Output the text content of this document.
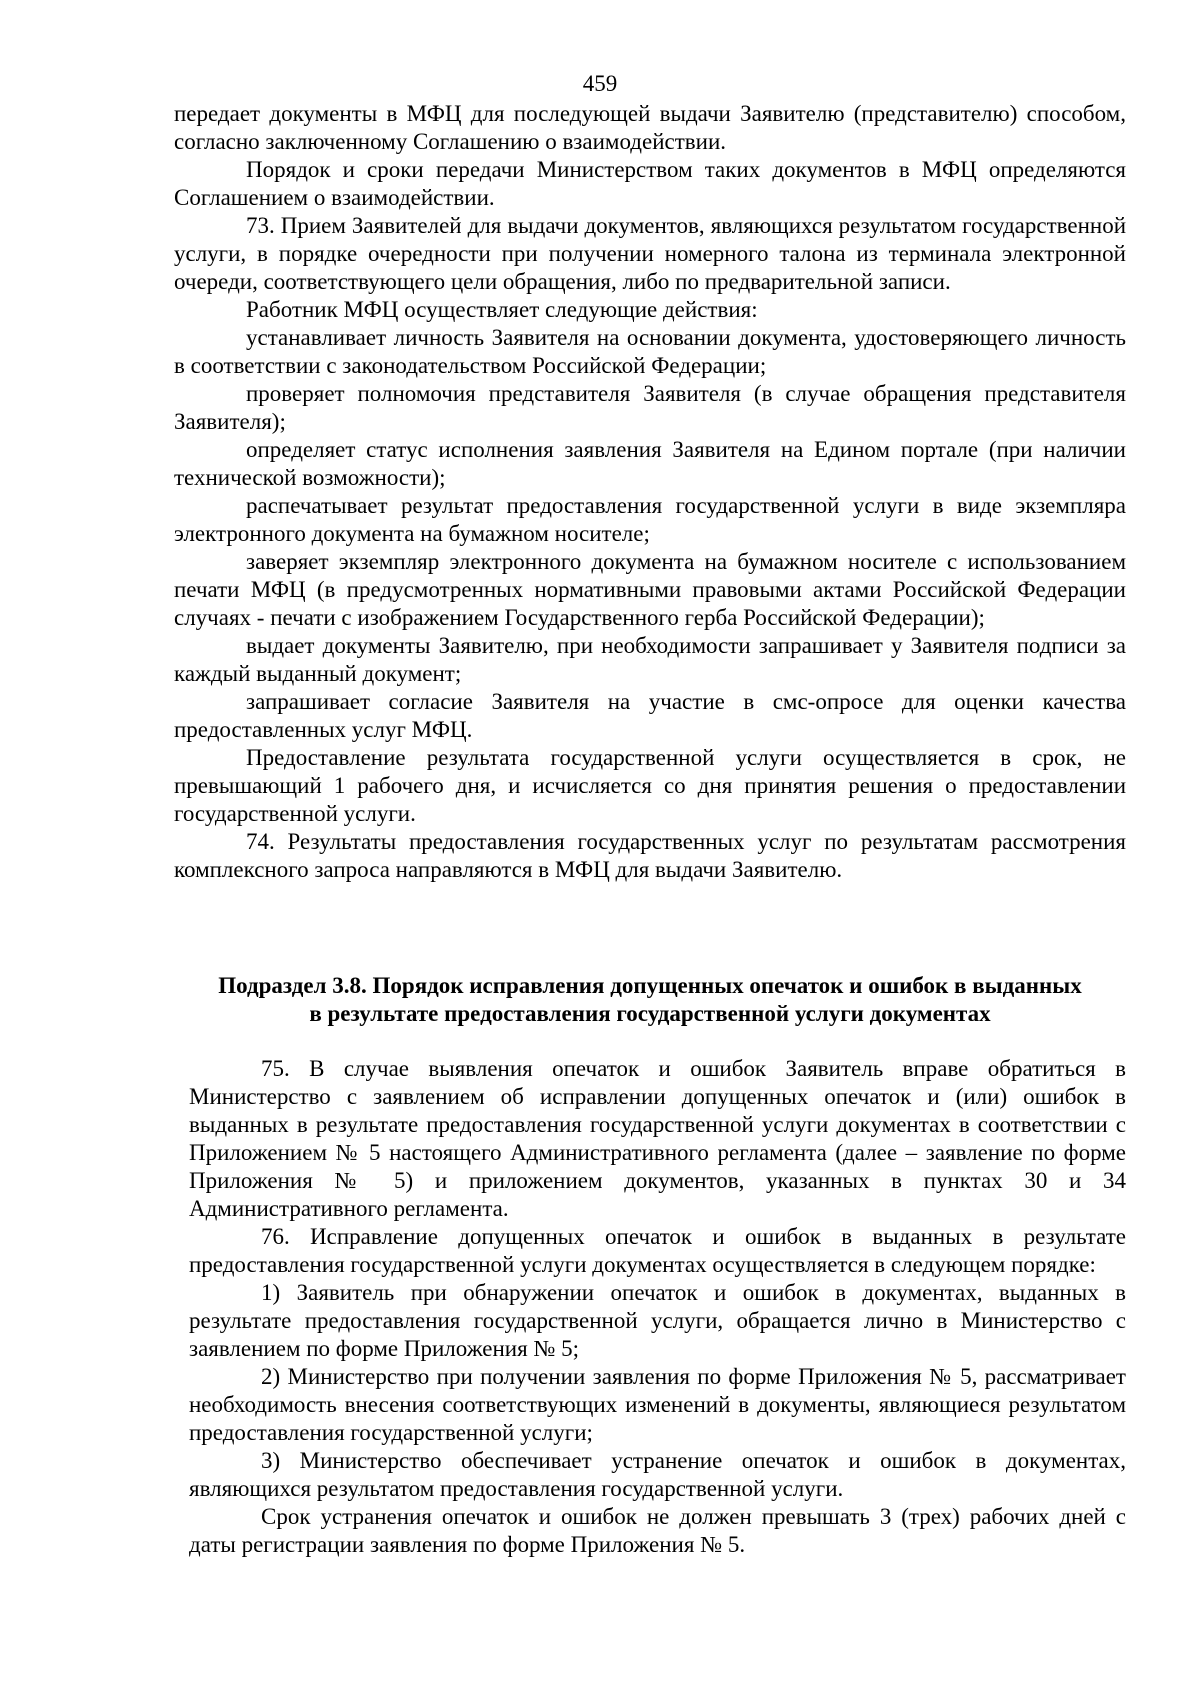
459

передает документы в МФЦ для последующей выдачи Заявителю (представителю) способом, согласно заключенному Соглашению о взаимодействии.

Порядок и сроки передачи Министерством таких документов в МФЦ определяются Соглашением о взаимодействии.

73. Прием Заявителей для выдачи документов, являющихся результатом государственной услуги, в порядке очередности при получении номерного талона из терминала электронной очереди, соответствующего цели обращения, либо по предварительной записи.

Работник МФЦ осуществляет следующие действия:

устанавливает личность Заявителя на основании документа, удостоверяющего личность в соответствии с законодательством Российской Федерации;

проверяет полномочия представителя Заявителя (в случае обращения представителя Заявителя);

определяет статус исполнения заявления Заявителя на Едином портале (при наличии технической возможности);

распечатывает результат предоставления государственной услуги в виде экземпляра электронного документа на бумажном носителе;

заверяет экземпляр электронного документа на бумажном носителе с использованием печати МФЦ (в предусмотренных нормативными правовыми актами Российской Федерации случаях - печати с изображением Государственного герба Российской Федерации);

выдает документы Заявителю, при необходимости запрашивает у Заявителя подписи за каждый выданный документ;

запрашивает согласие Заявителя на участие в смс-опросе для оценки качества предоставленных услуг МФЦ.

Предоставление результата государственной услуги осуществляется в срок, не превышающий 1 рабочего дня, и исчисляется со дня принятия решения о предоставлении государственной услуги.

74. Результаты предоставления государственных услуг по результатам рассмотрения комплексного запроса направляются в МФЦ для выдачи Заявителю.

Подраздел 3.8. Порядок исправления допущенных опечаток и ошибок в выданных
в результате предоставления государственной услуги документах

75. В случае выявления опечаток и ошибок Заявитель вправе обратиться в Министерство с заявлением об исправлении допущенных опечаток и (или) ошибок в выданных в результате предоставления государственной услуги документах в соответствии с Приложением № 5 настоящего Административного регламента (далее – заявление по форме Приложения № 5) и приложением документов, указанных в пунктах 30 и 34 Административного регламента.

76. Исправление допущенных опечаток и ошибок в выданных в результате предоставления государственной услуги документах осуществляется в следующем порядке:

1) Заявитель при обнаружении опечаток и ошибок в документах, выданных в результате предоставления государственной услуги, обращается лично в Министерство с заявлением по форме Приложения № 5;

2) Министерство при получении заявления по форме Приложения № 5, рассматривает необходимость внесения соответствующих изменений в документы, являющиеся результатом предоставления государственной услуги;

3) Министерство обеспечивает устранение опечаток и ошибок в документах, являющихся результатом предоставления государственной услуги.

Срок устранения опечаток и ошибок не должен превышать 3 (трех) рабочих дней с даты регистрации заявления по форме Приложения № 5.
